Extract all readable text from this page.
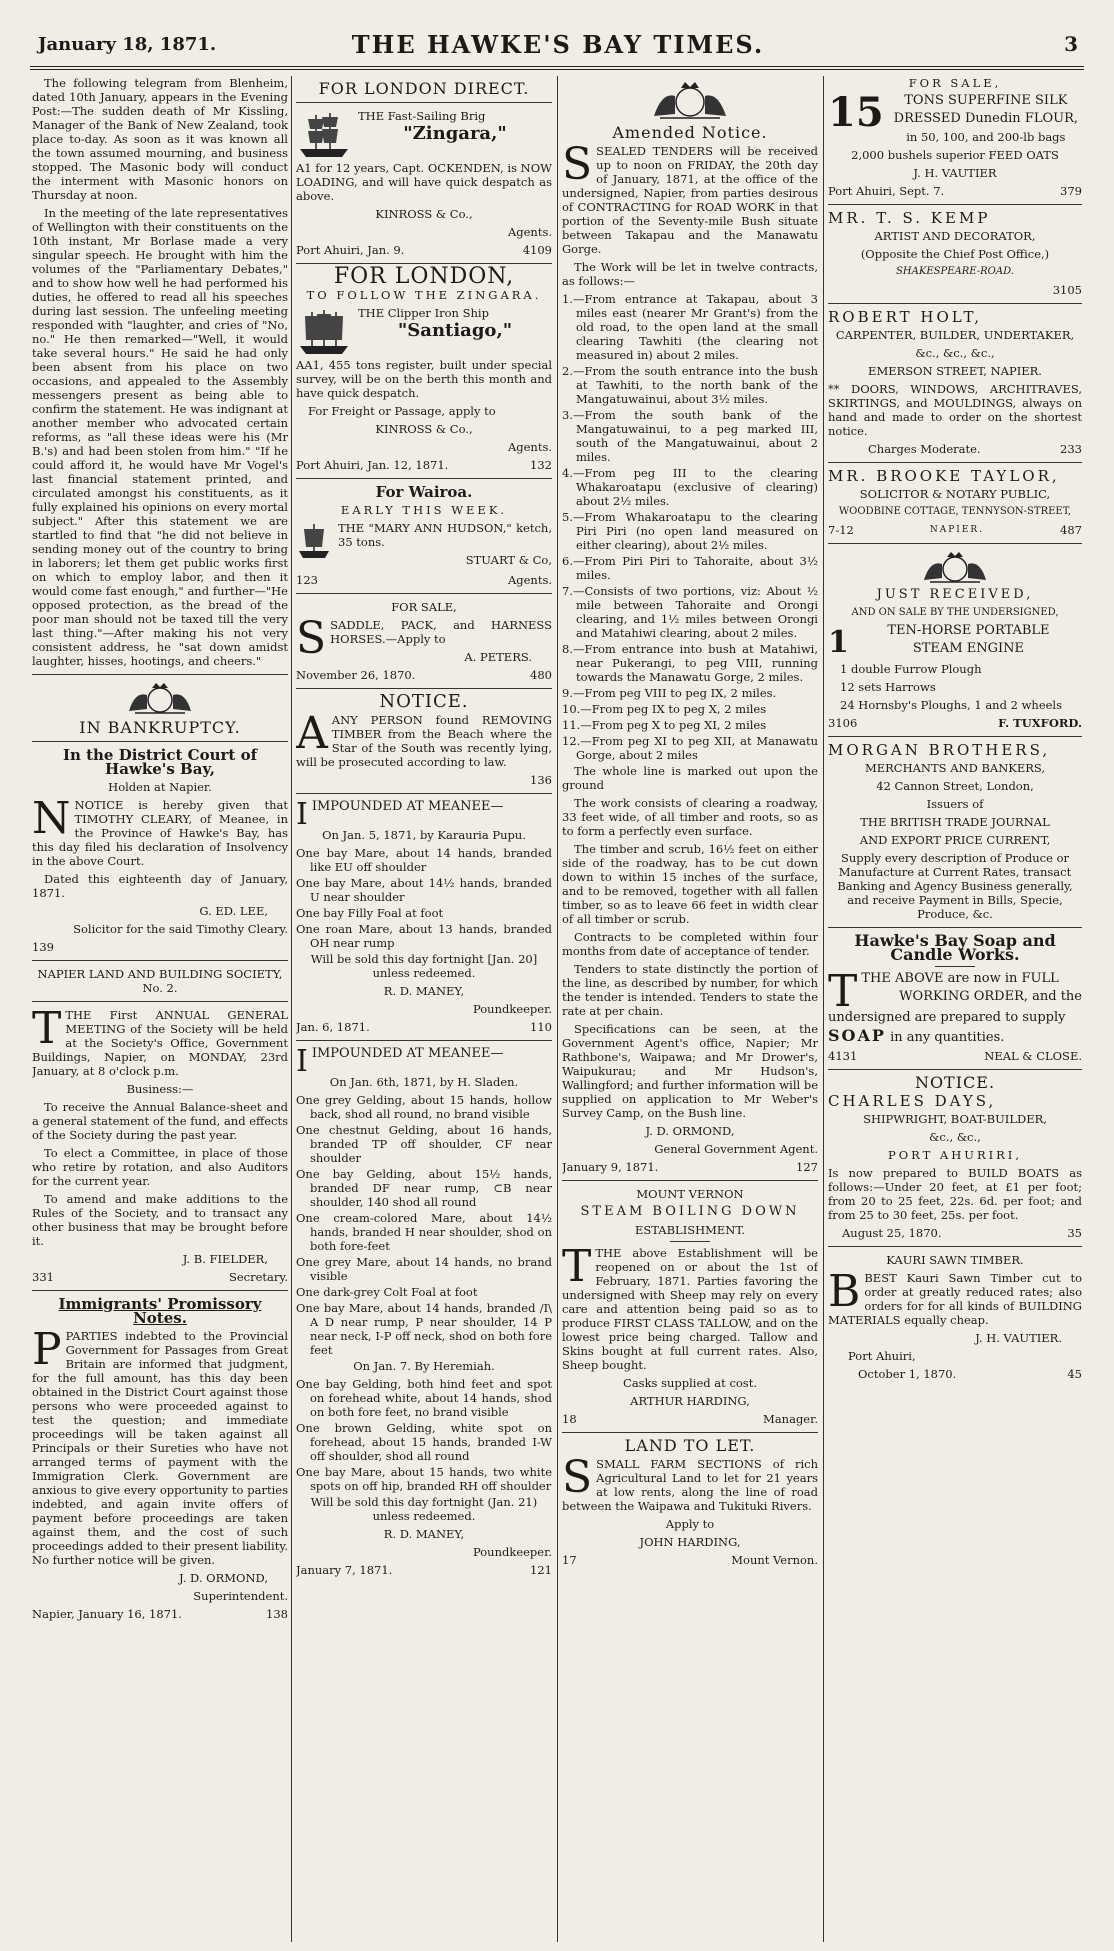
January 18, 1871.	THE HAWKE'S BAY TIMES.	3

The following telegram from Blenheim, dated 10th January, appears in the Evening Post:—The sudden death of Mr Kissling, Manager of the Bank of New Zealand, took place to-day. As soon as it was known all the town assumed mourning, and business stopped. The Masonic body will conduct the interment with Masonic honors on Thursday at noon.

In the meeting of the late representatives of Wellington with their constituents on the 10th instant, Mr Borlase made a very singular speech. He brought with him the volumes of the "Parliamentary Debates," and to show how well he had performed his duties, he offered to read all his speeches during last session. The unfeeling meeting responded with "laughter, and cries of "No, no." He then remarked—"Well, it would take several hours." He said he had only been absent from his place on two occasions, and appealed to the Assembly messengers present as being able to confirm the statement. He was indignant at another member who advocated certain reforms, as "all these ideas were his (Mr B.'s) and had been stolen from him." "If he could afford it, he would have Mr Vogel's last financial statement printed, and circulated amongst his constituents, as it fully explained his opinions on every mortal subject." After this statement we are startled to find that "he did not believe in sending money out of the country to bring in laborers; let them get public works first on which to employ labor, and then it would come fast enough," and further—"He opposed protection, as the bread of the poor man should not be taxed till the very last thing."—After making his not very consistent address, he "sat down amidst laughter, hisses, hootings, and cheers."

IN BANKRUPTCY.
In the District Court of Hawke's Bay,

Holden at Napier.

NNOTICE is hereby given that TIMOTHY CLEARY, of Meanee, in the Province of Hawke's Bay, has this day filed his declaration of Insolvency in the above Court.

Dated this eighteenth day of January, 1871.

G. ED. LEE,

Solicitor for the said Timothy Cleary.

139

NAPIER LAND AND BUILDING SOCIETY, No. 2.

TTHE First ANNUAL GENERAL MEETING of the Society will be held at the Society's Office, Government Buildings, Napier, on MONDAY, 23rd January, at 8 o'clock p.m.

Business:—

To receive the Annual Balance-sheet and a general statement of the fund, and effects of the Society during the past year.

To elect a Committee, in place of those who retire by rotation, and also Auditors for the current year.

To amend and make additions to the Rules of the Society, and to transact any other business that may be brought before it.

J. B. FIELDER,

331	Secretary.
Immigrants' Promissory Notes.

PPARTIES indebted to the Provincial Government for Passages from Great Britain are informed that judgment, for the full amount, has this day been obtained in the District Court against those persons who were proceeded against to test the question; and immediate proceedings will be taken against all Principals or their Sureties who have not arranged terms of payment with the Immigration Clerk. Government are anxious to give every opportunity to parties indebted, and again invite offers of payment before proceedings are taken against them, and the cost of such proceedings added to their present liability. No further notice will be given.

J. D. ORMOND,

Superintendent.

Napier, January 16, 1871.	138
FOR LONDON DIRECT.

THE Fast-Sailing Brig

"Zingara,"

A1 for 12 years, Capt. OCKENDEN, is NOW LOADING, and will have quick despatch as above.

KINROSS & Co.,

Agents.

Port Ahuiri, Jan. 9.	4109
FOR LONDON,

TO FOLLOW THE ZINGARA.

THE Clipper Iron Ship

"Santiago,"

AA1, 455 tons register, built under special survey, will be on the berth this month and have quick despatch.

For Freight or Passage, apply to

KINROSS & Co.,

Agents.

Port Ahuiri, Jan. 12, 1871.	132
For Wairoa.

EARLY THIS WEEK.

THE "MARY ANN HUDSON," ketch, 35 tons.

STUART & Co,

123	Agents.

FOR SALE,

SSADDLE, PACK, and HARNESS HORSES.—Apply to

A. PETERS.

November 26, 1870.	480
NOTICE.

AANY PERSON found REMOVING TIMBER from the Beach where the Star of the South was recently lying, will be prosecuted according to law.

136

IIMPOUNDED AT MEANEE—

On Jan. 5, 1871, by Karauria Pupu.

One bay Mare, about 14 hands, branded like EU off shoulder

One bay Mare, about 14½ hands, branded U near shoulder

One bay Filly Foal at foot

One roan Mare, about 13 hands, branded OH near rump

Will be sold this day fortnight [Jan. 20] unless redeemed.

R. D. MANEY,

Poundkeeper.

Jan. 6, 1871.	110

IIMPOUNDED AT MEANEE—

On Jan. 6th, 1871, by H. Sladen.

One grey Gelding, about 15 hands, hollow back, shod all round, no brand visible

One chestnut Gelding, about 16 hands, branded TP off shoulder, CF near shoulder

One bay Gelding, about 15½ hands, branded DF near rump, ⊂B near shoulder, 140 shod all round

One cream-colored Mare, about 14½ hands, branded H near shoulder, shod on both fore-feet

One grey Mare, about 14 hands, no brand visible

One dark-grey Colt Foal at foot

One bay Mare, about 14 hands, branded /I\ A D near rump, P near shoulder, 14 P near neck, I-P off neck, shod on both fore feet

On Jan. 7. By Heremiah.

One bay Gelding, both hind feet and spot on forehead white, about 14 hands, shod on both fore feet, no brand visible

One brown Gelding, white spot on forehead, about 15 hands, branded I-W off shoulder, shod all round

One bay Mare, about 15 hands, two white spots on off hip, branded RH off shoulder

Will be sold this day fortnight (Jan. 21) unless redeemed.

R. D. MANEY,

Poundkeeper.

January 7, 1871.	121
Amended Notice.

SSEALED TENDERS will be received up to noon on FRIDAY, the 20th day of January, 1871, at the office of the undersigned, Napier, from parties desirous of CONTRACTING for ROAD WORK in that portion of the Seventy-mile Bush situate between Takapau and the Manawatu Gorge.

The Work will be let in twelve contracts, as follows:—

1.—From entrance at Takapau, about 3 miles east (nearer Mr Grant's) from the old road, to the open land at the small clearing Tawhiti (the clearing not measured in) about 2 miles.

2.—From the south entrance into the bush at Tawhiti, to the north bank of the Mangatuwainui, about 3½ miles.

3.—From the south bank of the Mangatuwainui, to a peg marked III, south of the Mangatuwainui, about 2 miles.

4.—From peg III to the clearing Whakaroatapu (exclusive of clearing) about 2½ miles.

5.—From Whakaroatapu to the clearing Piri Piri (no open land measured on either clearing), about 2½ miles.

6.—From Piri Piri to Tahoraite, about 3½ miles.

7.—Consists of two portions, viz: About ½ mile between Tahoraite and Orongi clearing, and 1½ miles between Orongi and Matahiwi clearing, about 2 miles.

8.—From entrance into bush at Matahiwi, near Pukerangi, to peg VIII, running towards the Manawatu Gorge, 2 miles.

9.—From peg VIII to peg IX, 2 miles.

10.—From peg IX to peg X, 2 miles

11.—From peg X to peg XI, 2 miles

12.—From peg XI to peg XII, at Manawatu Gorge, about 2 miles

The whole line is marked out upon the ground

The work consists of clearing a roadway, 33 feet wide, of all timber and roots, so as to form a perfectly even surface.

The timber and scrub, 16½ feet on either side of the roadway, has to be cut down down to within 15 inches of the surface, and to be removed, together with all fallen timber, so as to leave 66 feet in width clear of all timber or scrub.

Contracts to be completed within four months from date of acceptance of tender.

Tenders to state distinctly the portion of the line, as described by number, for which the tender is intended. Tenders to state the rate at per chain.

Specifications can be seen, at the Government Agent's office, Napier; Mr Rathbone's, Waipawa; and Mr Drower's, Waipukurau; and Mr Hudson's, Wallingford; and further information will be supplied on application to Mr Weber's Survey Camp, on the Bush line.

J. D. ORMOND,

General Government Agent.

January 9, 1871.	127

MOUNT VERNON

STEAM BOILING DOWN

ESTABLISHMENT.

TTHE above Establishment will be reopened on or about the 1st of February, 1871. Parties favoring the undersigned with Sheep may rely on every care and attention being paid so as to produce FIRST CLASS TALLOW, and on the lowest price being charged. Tallow and Skins bought at full current rates. Also, Sheep bought.

Casks supplied at cost.

ARTHUR HARDING,

18	Manager.
LAND TO LET.

SSMALL FARM SECTIONS of rich Agricultural Land to let for 21 years at low rents, along the line of road between the Waipawa and Tukituki Rivers.

Apply to

JOHN HARDING,

17	Mount Vernon.

FOR SALE,

15	TONS SUPERFINE SILK

DRESSED Dunedin FLOUR,

in 50, 100, and 200-lb bags

2,000 bushels superior FEED OATS

J. H. VAUTIER

Port Ahuiri, Sept. 7.	379

MR. T. S. KEMP

ARTIST AND DECORATOR,

(Opposite the Chief Post Office,)

SHAKESPEARE-ROAD.

3105

ROBERT HOLT,

CARPENTER, BUILDER, UNDERTAKER,

&c., &c., &c.,

EMERSON STREET, NAPIER.

** DOORS, WINDOWS, ARCHITRAVES, SKIRTINGS, and MOULDINGS, always on hand and made to order on the shortest notice.

Charges Moderate.	233

MR. BROOKE TAYLOR,

SOLICITOR & NOTARY PUBLIC,

WOODBINE COTTAGE, TENNYSON-STREET,

7-12	NAPIER.	487

JUST RECEIVED,

AND ON SALE BY THE UNDERSIGNED,

1	TEN-HORSE PORTABLE

STEAM ENGINE

1 double Furrow Plough

12 sets Harrows

24 Hornsby's Ploughs, 1 and 2 wheels

3106	F. TUXFORD.

MORGAN BROTHERS,

MERCHANTS AND BANKERS,

42 Cannon Street, London,

Issuers of

THE BRITISH TRADE JOURNAL

AND EXPORT PRICE CURRENT,

Supply every description of Produce or Manufacture at Current Rates, transact Banking and Agency Business generally, and receive Payment in Bills, Specie, Produce, &c.

Hawke's Bay Soap and Candle Works.

TTHE ABOVE are now in FULL

WORKING ORDER, and the

undersigned are prepared to supply

SOAP in any quantities.

4131	NEAL & CLOSE.
NOTICE.

CHARLES DAYS,

SHIPWRIGHT, BOAT-BUILDER,

&c., &c.,

PORT AHURIRI,

Is now prepared to BUILD BOATS as follows:—Under 20 feet, at £1 per foot; from 20 to 25 feet, 22s. 6d. per foot; and from 25 to 30 feet, 25s. per foot.

August 25, 1870.	35

KAURI SAWN TIMBER.

BBEST Kauri Sawn Timber cut to order at greatly reduced rates; also orders for for all kinds of BUILDING MATERIALS equally cheap.

J. H. VAUTIER.

Port Ahuiri,

October 1, 1870.	45
